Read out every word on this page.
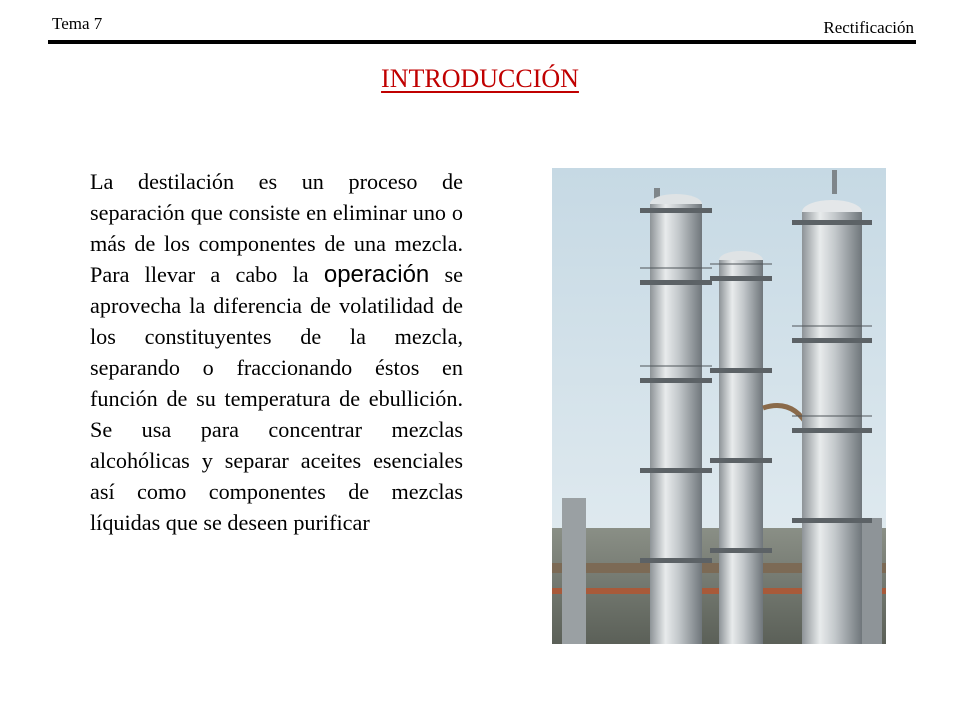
Tema 7	Rectificación
INTRODUCCIÓN
La destilación es un proceso de separación que consiste en eliminar uno o más de los componentes de una mezcla. Para llevar a cabo la operación se aprovecha la diferencia de volatilidad de los constituyentes de la mezcla, separando o fraccionando éstos en función de su temperatura de ebullición. Se usa para concentrar mezclas alcohólicas y separar aceites esenciales así como componentes de mezclas líquidas que se deseen purificar
